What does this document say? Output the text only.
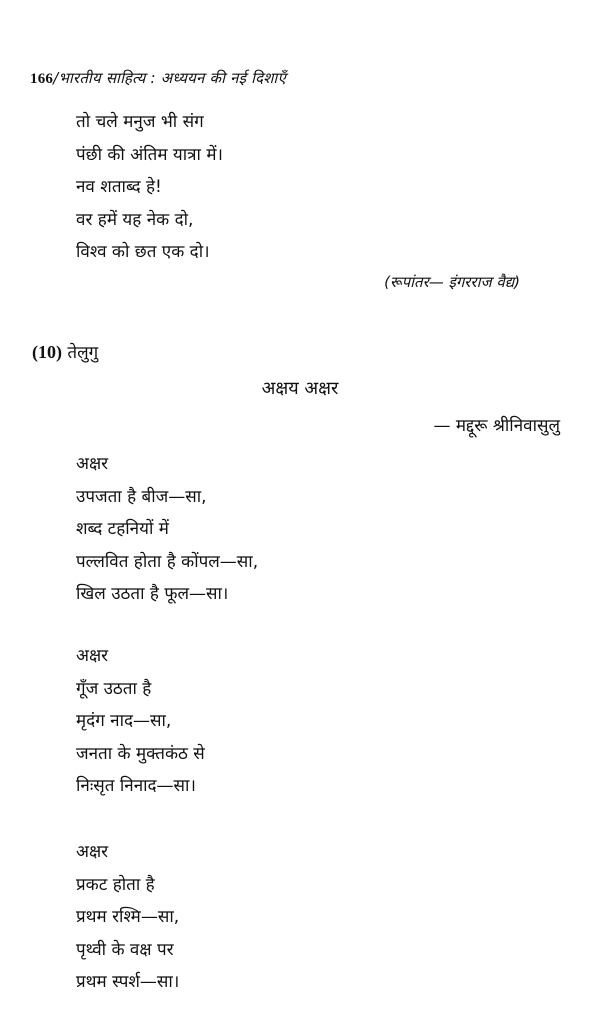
166/भारतीय साहित्य : अध्ययन की नई दिशाएँ
तो चले मनुज भी संग
पंछी की अंतिम यात्रा में।
नव शताब्द हे!
वर हमें यह नेक दो,
विश्व को छत एक दो।
(रूपांतर— इंगरराज वैद्य)
(10) तेलुगु
अक्षय अक्षर
— मद्दूरू श्रीनिवासुलु
अक्षर
उपजता है बीज—सा,
शब्द टहनियों में
पल्लवित होता है कोंपल—सा,
खिल उठता है फूल—सा।
अक्षर
गूँज उठता है
मृदंग नाद—सा,
जनता के मुक्तकंठ से
निःसृत निनाद—सा।
अक्षर
प्रकट होता है
प्रथम रश्मि—सा,
पृथ्वी के वक्ष पर
प्रथम स्पर्श—सा।
